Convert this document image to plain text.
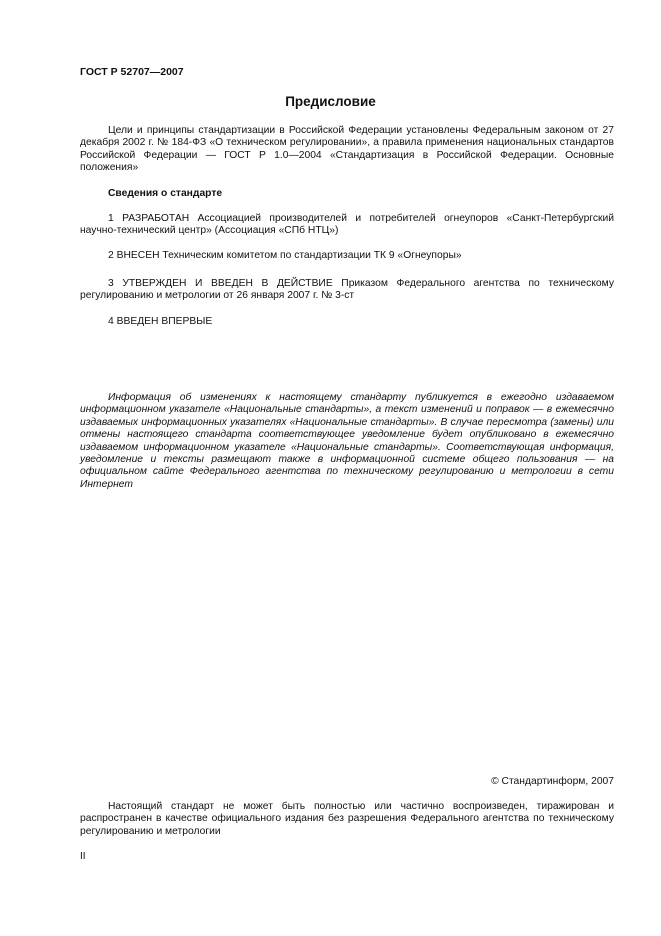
ГОСТ Р 52707—2007
Предисловие

Цели и принципы стандартизации в Российской Федерации установлены Федеральным законом от 27 декабря 2002 г. № 184-ФЗ «О техническом регулировании», а правила применения национальных стандартов Российской Федерации — ГОСТ Р 1.0—2004 «Стандартизация в Российской Федерации. Основные положения»

Сведения о стандарте

1 РАЗРАБОТАН Ассоциацией производителей и потребителей огнеупоров «Санкт-Петербургский научно-технический центр» (Ассоциация «СПб НТЦ»)

2 ВНЕСЕН Техническим комитетом по стандартизации ТК 9 «Огнеупоры»

3 УТВЕРЖДЕН И ВВЕДЕН В ДЕЙСТВИЕ Приказом Федерального агентства по техническому регулированию и метрологии от 26 января 2007 г. № 3-ст

4 ВВЕДЕН ВПЕРВЫЕ

Информация об изменениях к настоящему стандарту публикуется в ежегодно издаваемом информационном указателе «Национальные стандарты», а текст изменений и поправок — в ежемесячно издаваемых информационных указателях «Национальные стандарты». В случае пересмотра (замены) или отмены настоящего стандарта соответствующее уведомление будет опубликовано в ежемесячно издаваемом информационном указателе «Национальные стандарты». Соответствующая информация, уведомление и тексты размещают также в информационной системе общего пользования — на официальном сайте Федерального агентства по техническому регулированию и метрологии в сети Интернет

© Стандартинформ, 2007

Настоящий стандарт не может быть полностью или частично воспроизведен, тиражирован и распространен в качестве официального издания без разрешения Федерального агентства по техническому регулированию и метрологии

II
